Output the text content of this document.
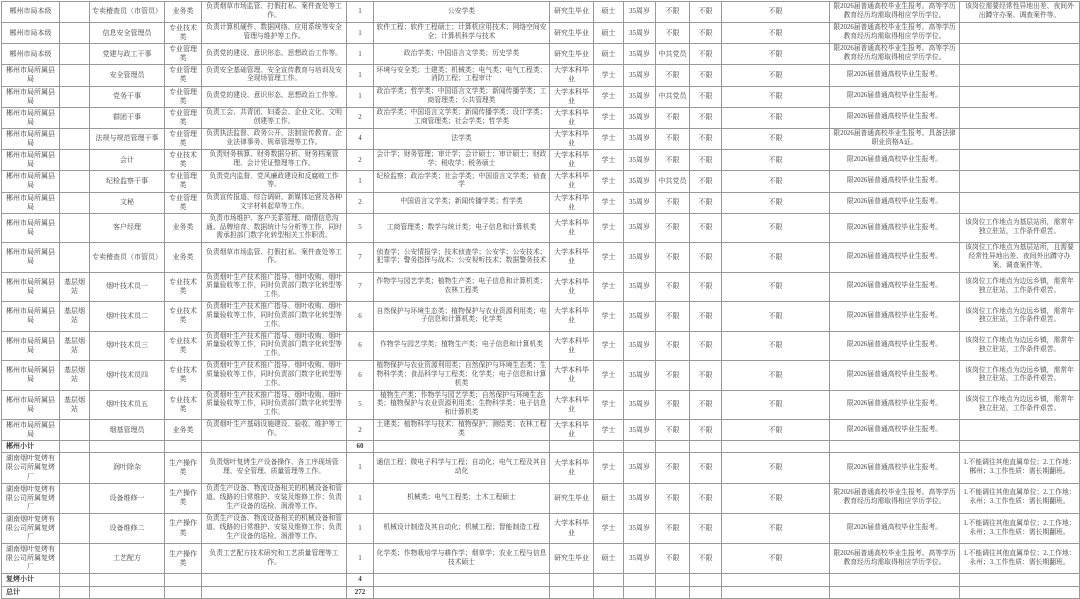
郴州市局本级		专卖稽查员（市管员）	业务类	负责烟草市场监管、打假打私、案件查处等工作。	1	公安学类	研究生毕业	硕士	35周岁	不限	不限	不限	限2026届普通高校毕业生报考。高等学历教育经历均需取得相应学历学位。	该岗位需要经常性异地出差、夜间外出蹲守办案、调查案件等。
郴州市局本级		信息安全管理员	专业技术类	负责计算机硬件、数据网络、应用系统等安全管理与维护等工作。	1	软件工程；软件工程硕士；计算机应用技术；网络空间安全；计算机科学与技术	研究生毕业	硕士	35周岁	不限	不限	不限	限2026届普通高校毕业生报考。高等学历教育经历均需取得相应学历学位。	
郴州市局本级		党建与政工干事	专业管理类	负责党的建设、意识形态、思想政治工作等。	1	政治学类；中国语言文学类；历史学类	研究生毕业	硕士	35周岁	中共党员	不限	不限	限2026届普通高校毕业生报考。高等学历教育经历均需取得相应学历学位。	
郴州市局所属县局		安全管理员	专业管理类	负责安全基础管理、安全宣传教育与培训及安全现场管理工作。	1	环境与安全类；土建类；机械类；电气类；电气工程类；消防工程；工程审计	大学本科毕业	学士	35周岁	不限	不限	不限	限2026届普通高校毕业生报考。	
郴州市局所属县局		党务干事	专业管理类	负责党的建设、意识形态、思想政治工作等。	1	政治学类；哲学类；中国语言文学类；新闻传播学类；工商管理类；公共管理类	大学本科毕业	学士	35周岁	中共党员	不限	不限	限2026届普通高校毕业生报考。	
郴州市局所属县局		群团干事	专业管理类	负责工会、共青团、妇委会、企业文化、文明创建等工作。	2	政治学类；中国语言文学类；新闻传播学类；设计学类；工商管理类；社会学类；哲学类	大学本科毕业	学士	35周岁	不限	不限	不限	限2026届普通高校毕业生报考。	
郴州市局所属县局		法规与规范管理干事	专业管理类	负责执法监督、政务公开、法制宣传教育、企业法律事务、规章管理等工作。	4	法学类	大学本科毕业	学士	35周岁	不限	不限	不限	限2026届普通高校毕业生报考。具备法律职业资格A证。	
郴州市局所属县局		会计	专业技术类	负责财务核算、财务数据分析、财务档案管理、会计凭证整理等工作。	2	会计学；财务管理；审计学；会计硕士；审计硕士；财政学；税收学；税务硕士	大学本科毕业	学士	35周岁	不限	不限	不限	限2026届普通高校毕业生报考。	
郴州市局所属县局		纪检监察干事	专业管理类	负责党内监督、党风廉政建设和反腐败工作等。	1	纪检监察；政治学类；社会学类；中国语言文学类；侦查学	大学本科毕业	学士	35周岁	中共党员	不限	不限	限2026届普通高校毕业生报考。	
郴州市局所属县局		文秘	专业管理类	负责宣传报道、综合调研、新媒体运营及各种文字材料起草等工作。	2	中国语言文学类；新闻传播学类；哲学类	大学本科毕业	学士	35周岁	不限	不限	不限	限2026届普通高校毕业生报考。	
郴州市局所属县局		客户经理	业务类	负责市场维护、客户关系管理、商情信息沟通、品牌培育、数据统计与分析等工作，同时需承担部门数字化转型相关工作职责。	5	工商管理类；数学与统计类；电子信息和计算机类	大学本科毕业	学士	35周岁	不限	不限	不限	限2026届普通高校毕业生报考。	该岗位工作地点为基层站所，需常年独立驻站，工作条件艰苦。
郴州市局所属县局		专卖稽查员（市管员）	业务类	负责烟草市场监管、打假打私、案件查处等工作。	7	侦查学；公安情报学；技术侦查学；公安学；公安技术；犯罪学；警务指挥与战术；公安视听技术；数据警务技术	大学本科毕业	学士	35周岁	不限	不限	不限	限2026届普通高校毕业生报考。	该岗位工作地点为基层站所，且需要经常性异地出差、夜间外出蹲守办案、调查案件等。
郴州市局所属县局	基层烟站	烟叶技术员一	专业技术类	负责烟叶生产技术推广指导、烟叶收购、烟叶质量验收等工作，同时负责部门数字化转型等工作。	7	作物学与园艺学类；植物生产类；电子信息和计算机类；农林工程类	大学本科毕业	学士	35周岁	不限	不限	不限	限2026届普通高校毕业生报考。	该岗位工作地点为边远乡镇，需常年独立驻站，工作条件艰苦。
郴州市局所属县局	基层烟站	烟叶技术员二	专业技术类	负责烟叶生产技术推广指导、烟叶收购、烟叶质量验收等工作，同时负责部门数字化转型等工作。	6	自然保护与环境生态类；植物保护与农业资源利用类；电子信息和计算机类；化学类	大学本科毕业	学士	35周岁	不限	不限	不限	限2026届普通高校毕业生报考。	该岗位工作地点为边远乡镇，需常年独立驻站，工作条件艰苦。
郴州市局所属县局	基层烟站	烟叶技术员三	专业技术类	负责烟叶生产技术推广指导、烟叶收购、烟叶质量验收等工作，同时负责部门数字化转型等工作。	6	作物学与园艺学类；植物生产类；电子信息和计算机类	大学本科毕业	学士	35周岁	不限	不限	不限	限2026届普通高校毕业生报考。	该岗位工作地点为边远乡镇，需常年独立驻站，工作条件艰苦。
郴州市局所属县局	基层烟站	烟叶技术员四	专业技术类	负责烟叶生产技术推广指导、烟叶收购、烟叶质量验收等工作，同时负责部门数字化转型等工作。	6	植物保护与农业资源利用类；自然保护与环境生态类；生物科学类；食品科学与工程类；化学类；电子信息和计算机类	大学本科毕业	学士	35周岁	不限	不限	不限	限2026届普通高校毕业生报考。	该岗位工作地点为边远乡镇，需常年独立驻站，工作条件艰苦。
郴州市局所属县局	基层烟站	烟叶技术员五	专业技术类	负责烟叶生产技术推广指导、烟叶收购、烟叶质量验收等工作，同时负责部门数字化转型等工作。	5	植物生产类；作物学与园艺学类；自然保护与环境生态类；植物保护与农业资源利用类；生物科学类；电子信息和计算机类	大学本科毕业	学士	35周岁	不限	不限	不限	限2026届普通高校毕业生报考。	该岗位工作地点为边远乡镇，需常年独立驻站，工作条件艰苦。
郴州市局所属县局		烟基管理员	业务类	负责烟叶生产基础设施建设、验收、维护等工作。	2	土建类；植物科学与技术；植物保护；测绘类；农林工程类	大学本科毕业	学士	35周岁	不限	不限	不限	限2026届普通高校毕业生报考。	
郴州小计					60									
湖南烟叶复烤有限公司所属复烤厂		润叶除杂	生产操作类	负责烟叶复烤生产设备操作、各工序现场管理、安全管理、质量管理等工作。	1	通信工程；微电子科学与工程；自动化；电气工程及其自动化	大学本科毕业	学士	35周岁	不限	不限	不限	限2026届普通高校毕业生报考。	1.不能调往其他直属单位；2.工作地：郴州；3.工作性质：需长期翻班。
湖南烟叶复烤有限公司所属复烤厂		设备维修一	生产操作类	负责生产设备、物流设备相关的机械设备和管道、线路的日常维护、安装及维修工作；负责生产设备的巡检、润滑等工作。	1	机械类；电气工程类；土木工程硕士	研究生毕业	硕士	35周岁	不限	不限	不限	限2026届普通高校毕业生报考。高等学历教育经历均需取得相应学历学位。	1.不能调往其他直属单位；2.工作地：永州；3.工作性质：需长期翻班。
湖南烟叶复烤有限公司所属复烤厂		设备维修二	生产操作类	负责生产设备、物流设备相关的机械设备和管道、线路的日常维护、安装及维修工作；负责生产设备的巡检、润滑等工作。	1	机械设计制造及其自动化；机械工程；智能制造工程	大学本科毕业	学士	35周岁	不限	不限	不限	限2026届普通高校毕业生报考。	1.不能调往其他直属单位；2.工作地：永州；3.工作性质：需长期翻班。
湖南烟叶复烤有限公司所属复烤厂		工艺配方	生产操作类	负责工艺配方技术研究和工艺质量管理等工作。	1	化学类；作物栽培学与耕作学；烟草学；农业工程与信息技术硕士	研究生毕业	硕士	35周岁	不限	不限	不限	限2026届普通高校毕业生报考。高等学历教育经历均需取得相应学历学位。	1.不能调往其他直属单位；2.工作地：永州；3.工作性质：需长期翻班。
复烤小计					4									
总计					272									
